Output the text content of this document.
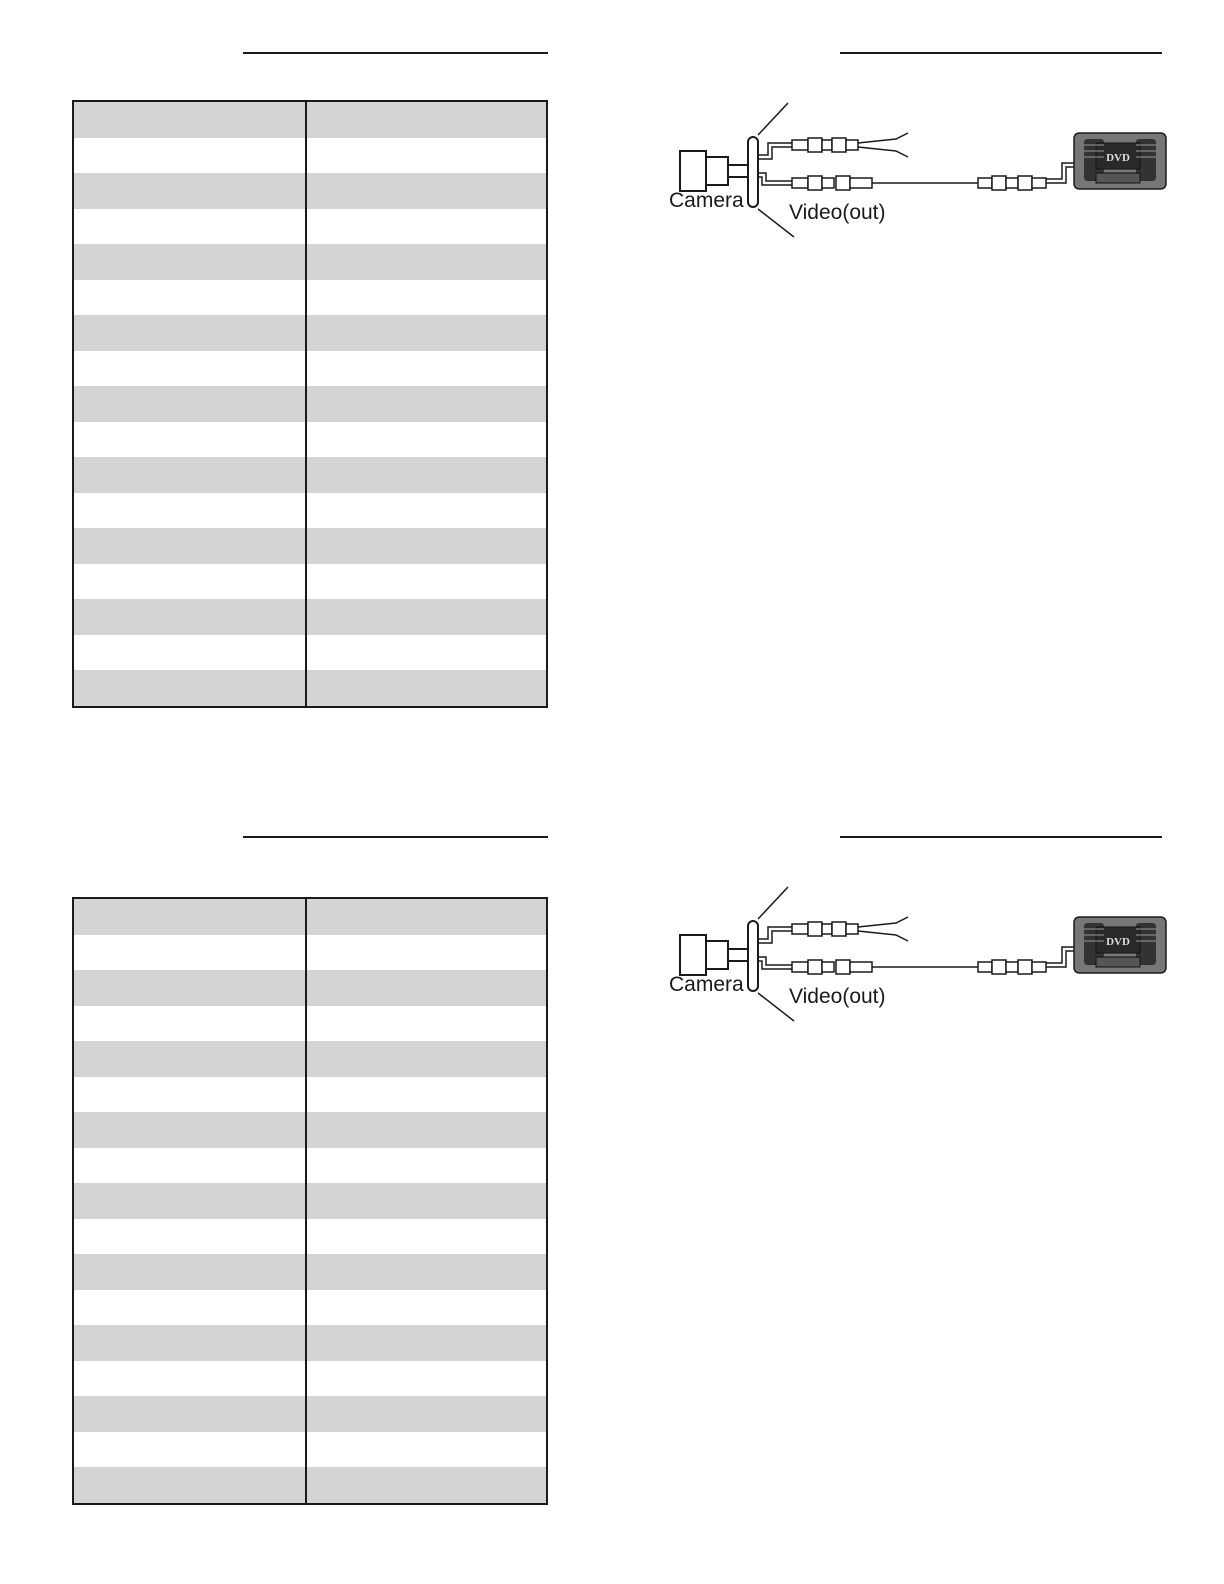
DVD
Camera
Video(out)
DVD
Camera
Video(out)
